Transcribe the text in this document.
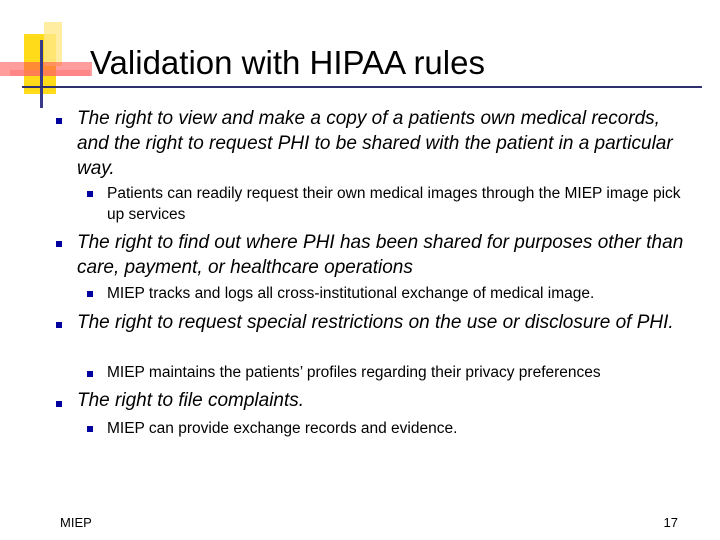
Validation with HIPAA rules
The right to view and make a copy of a patients own medical records, and the right to request PHI to be shared with the patient in a particular way.
Patients can readily request their own medical images through the MIEP image pick up services
The right to find out where PHI has been shared for purposes other than care, payment, or healthcare operations
MIEP tracks and logs all cross-institutional exchange of medical image.
The right to request special restrictions on the use or disclosure of PHI.
MIEP maintains the patients’ profiles regarding their privacy preferences
The right to file complaints.
MIEP can provide exchange records and evidence.
MIEP	17
